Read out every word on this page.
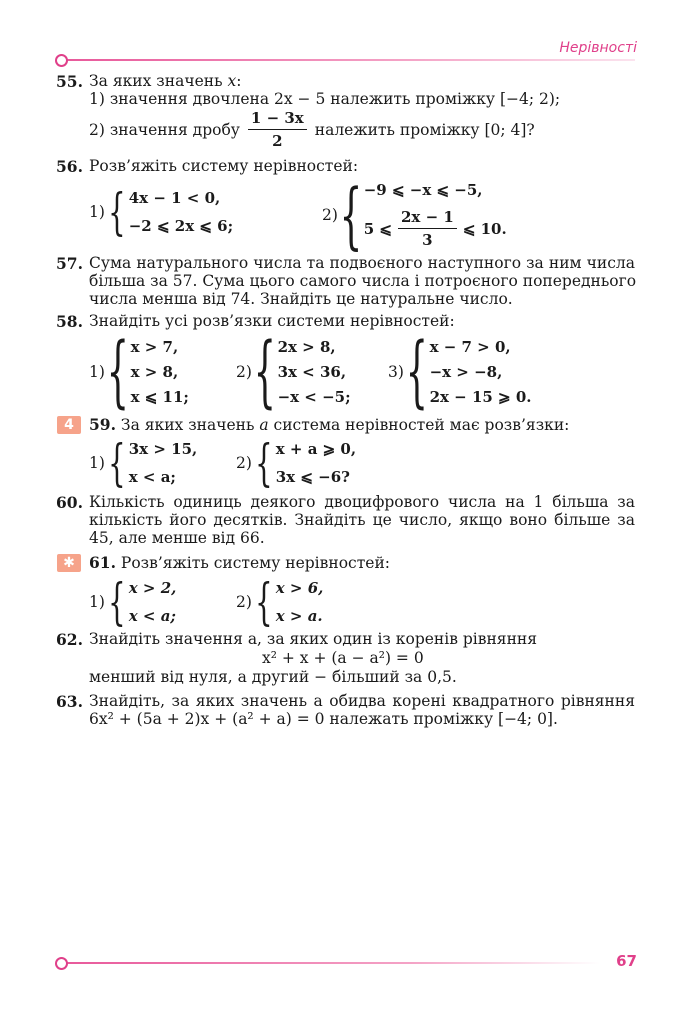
Нерівності
55. За яких значень x:
1) значення двочлена 2x − 5 належить проміжку [−4; 2);
2) значення дробу $\frac{1 - 3x}{2}$ належить проміжку [0; 4]?
56. Розв’яжіть систему нерівностей:
1) { 4x − 1 < 0,
−2 ⩽ 2x ⩽ 6;
2) { −9 ⩽ −x ⩽ −5,
5 ⩽ $\frac{2x - 1}{3}$ ⩽ 10.
57. Сума натурального числа та подвоєного наступного за ним числа
більша за 57. Сума цього самого числа і потроєного попереднього
числа менша від 74. Знайдіть це натуральне число.
58. Знайдіть усі розв’язки системи нерівностей:
1) { x > 7,
x > 8,
x ⩽ 11;
2) { 2x > 8,
3x < 36,
−x < −5;
3) { x − 7 > 0,
−x > −8,
2x − 15 ⩾ 0.
4 59. За яких значень a система нерівностей має розв’язки:
1) { 3x > 15,
x < a;
2) { x + a ⩾ 0,
3x ⩽ −6?
60. Кількість одиниць деякого двоцифрового числа на 1 більша за
кількість його десятків. Знайдіть це число, якщо воно більше за
45, але менше від 66.
✱ 61. Розв’яжіть систему нерівностей:
1) { x > 2,
x < a;
2) { x > 6,
x > a.
62. Знайдіть значення a, за яких один із коренів рівняння
x² + x + (a − a²) = 0
менший від нуля, а другий − більший за 0,5.
63. Знайдіть, за яких значень a обидва корені квадратного рівняння
6x² + (5a + 2)x + (a² + a) = 0 належать проміжку [−4; 0].
67
